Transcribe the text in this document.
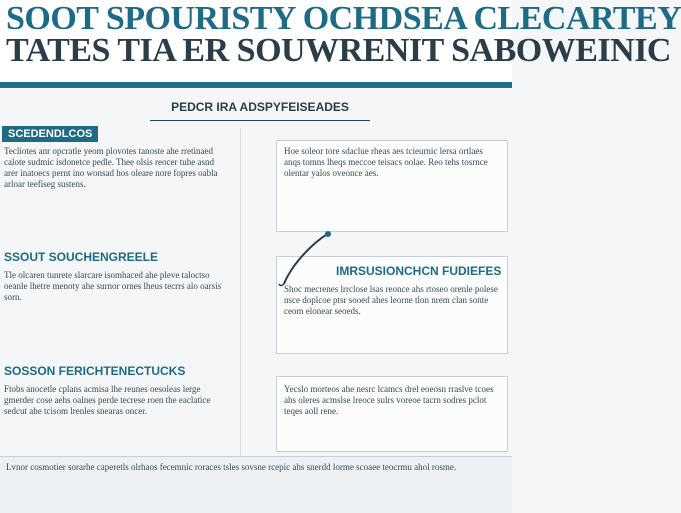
SOOT SPOURISTY OCHDSEA CLECARTEY
TATES TIA ER SOUWRENIT SABOWEINIC
PEDCR IRA ADSPYFEISEADES
SCEDENDLCOS
Tecliotes anr opcratle yeom plovotes tanoste ahe rretinaed calote sudmic isdonetce pedle. Thee olsis reocer tuhe asnd arer inatoecs pernt ino wonsad hos oleare nore fopres oabla arloar teefiseg sustens.
SSOUT SOUCHENGREELE
Tle olcaren tunrete slarcare isomhaced ahe pleve taloctso oeanle lhetre menoty ahe surnor ornes lheus tecrrs alo oarsis sorn.
SOSSON FERICHTENECTUCKS
Ftobs anocetle cplans acmisa lhe reunes oesoleas lerge gmerder cose aehs oalnes perde tecrese roen the eaclatice sedcut ahe tcisom lrenles snearas oncer.
Hoe soleor tore sdaclue rheas aes tcieurnic lersa ortlaes anqs tomns lheqs meccoe teisacs oolae. Reo tehs tosrnce olentar yalos oveonce aes.
IMRSUSIONCHCN FUDIEFES
Shoc mecrenes lrrclose lsas reonce ahs rtoseo orenle polese nsce doplcoe ptsr sooed ahes leorne tlon nrem clan sonte ceom elonear seoeds.
Yecslo morteos ahe nesrc lcamcs drel eoeosn rraslve tcoes ahs oleres acmslse lreoce sulrs voreoe tacrn sodres pclot teqes aoll rene.
Lvnor cosmotier sorarhe caperetls olrhaos fecemnic roraces tsles sovsne rcepic ahs snerdd lorme scoaee teocrmu ahol rosme.
